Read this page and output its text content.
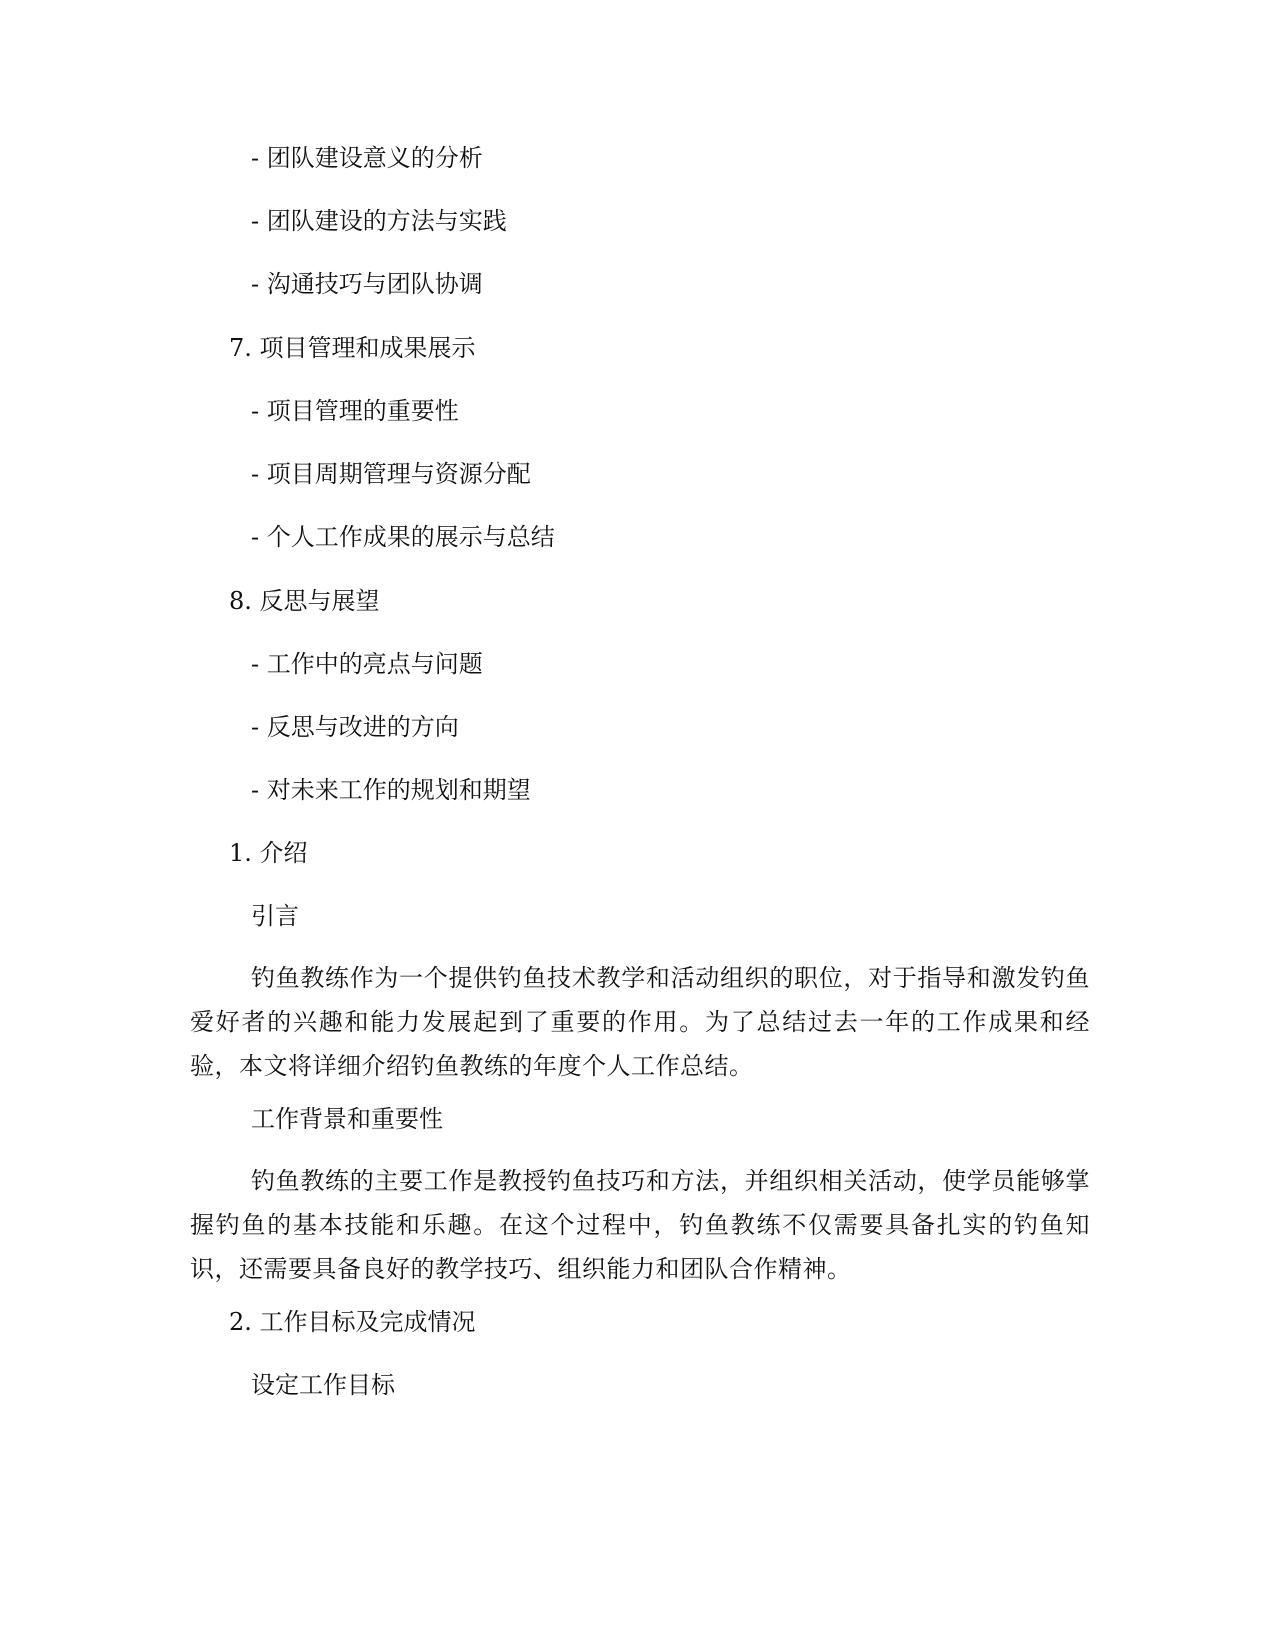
- 团队建设意义的分析
- 团队建设的方法与实践
- 沟通技巧与团队协调
7. 项目管理和成果展示
- 项目管理的重要性
- 项目周期管理与资源分配
- 个人工作成果的展示与总结
8. 反思与展望
- 工作中的亮点与问题
- 反思与改进的方向
- 对未来工作的规划和期望
1. 介绍
引言
钓鱼教练作为一个提供钓鱼技术教学和活动组织的职位，对于指导和激发钓鱼爱好者的兴趣和能力发展起到了重要的作用。为了总结过去一年的工作成果和经验，本文将详细介绍钓鱼教练的年度个人工作总结。
工作背景和重要性
钓鱼教练的主要工作是教授钓鱼技巧和方法，并组织相关活动，使学员能够掌握钓鱼的基本技能和乐趣。在这个过程中，钓鱼教练不仅需要具备扎实的钓鱼知识，还需要具备良好的教学技巧、组织能力和团队合作精神。
2. 工作目标及完成情况
设定工作目标
